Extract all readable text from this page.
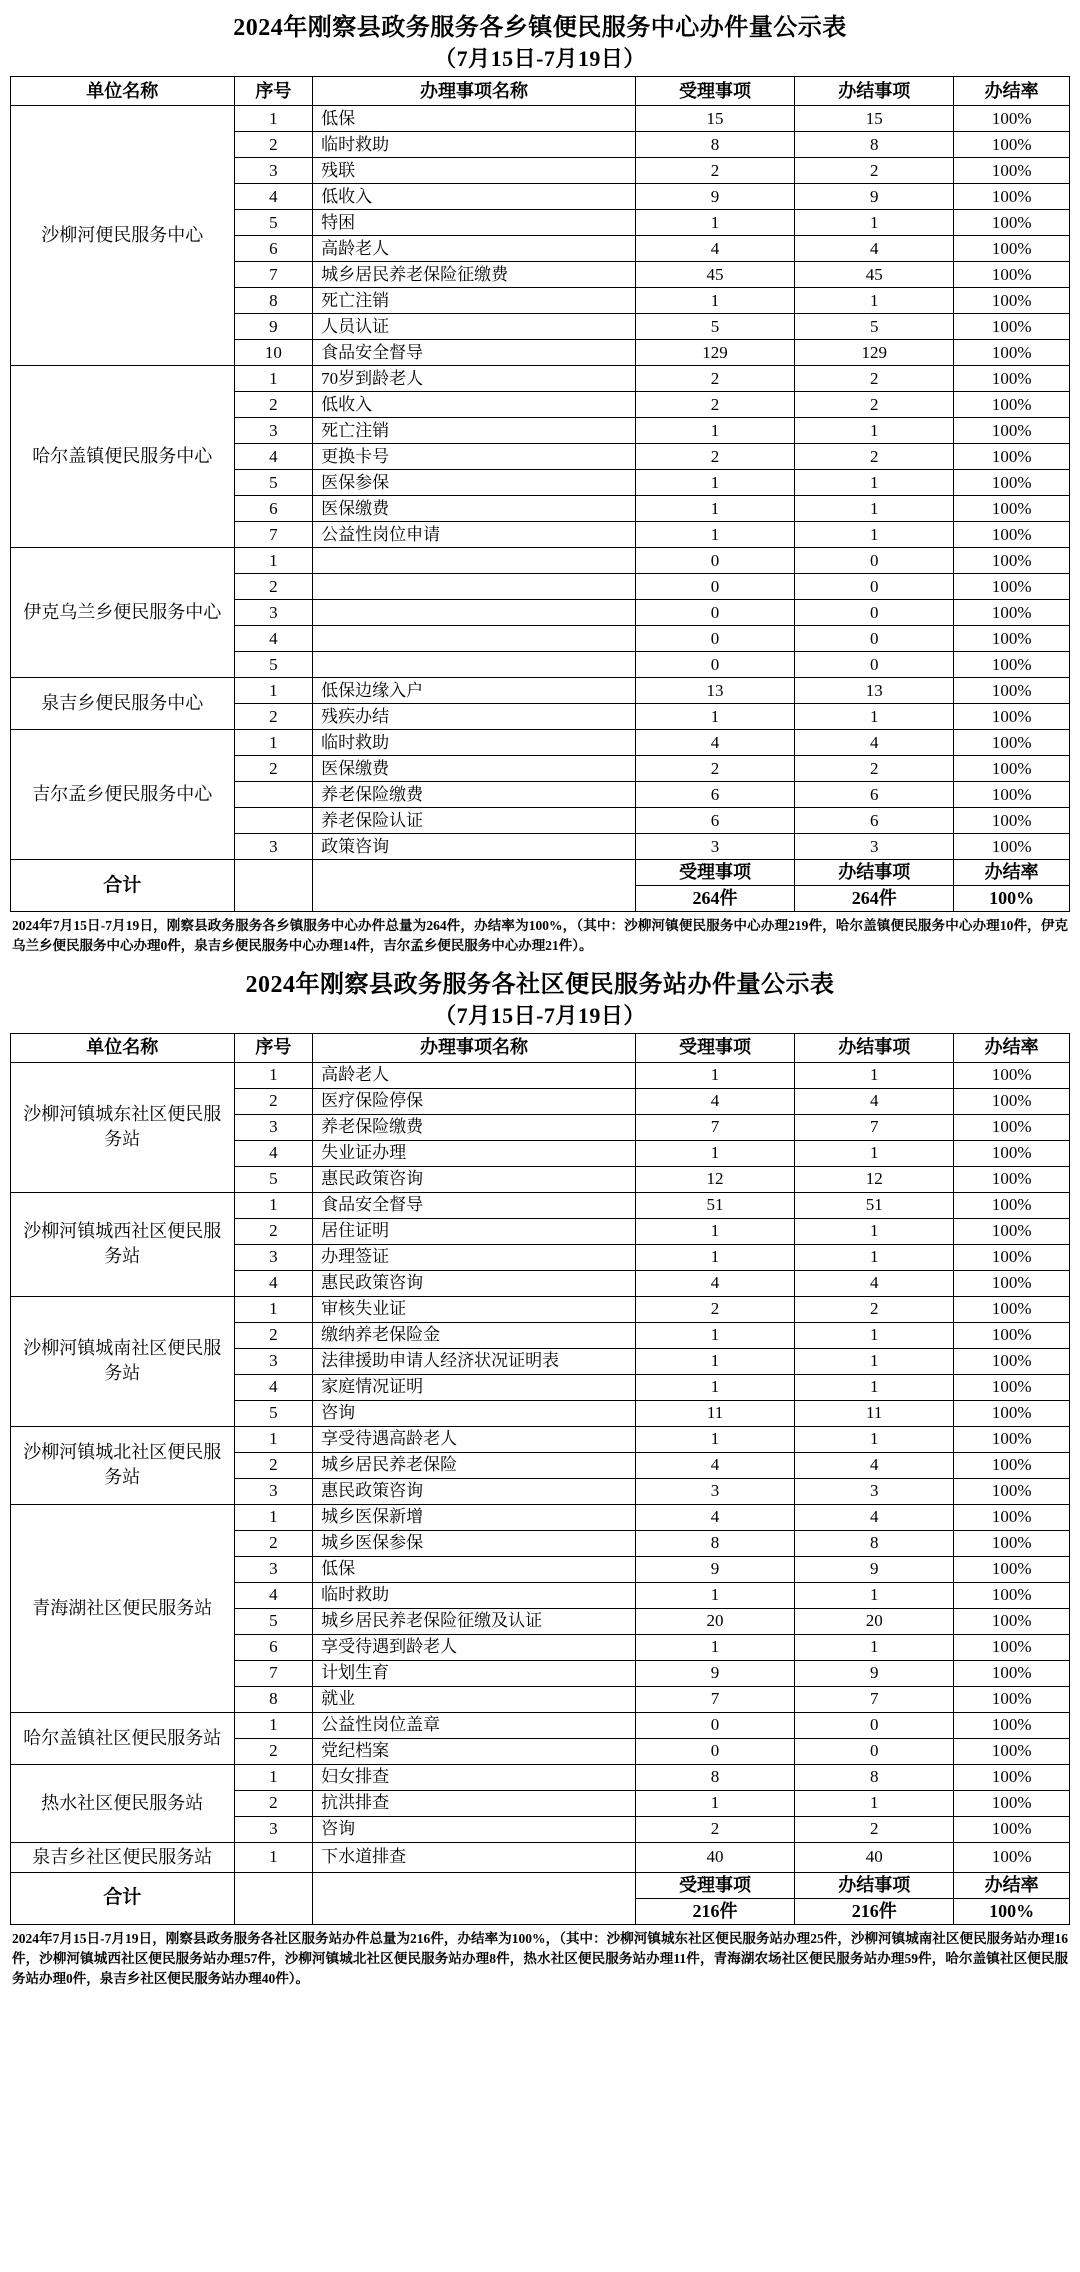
2024年刚察县政务服务各乡镇便民服务中心办件量公示表
（7月15日-7月19日）
单位名称	序号	办理事项名称	受理事项	办结事项	办结率
沙柳河便民服务中心	1	低保	15	15	100%
	2	临时救助	8	8	100%
	3	残联	2	2	100%
	4	低收入	9	9	100%
	5	特困	1	1	100%
	6	高龄老人	4	4	100%
	7	城乡居民养老保险征缴费	45	45	100%
	8	死亡注销	1	1	100%
	9	人员认证	5	5	100%
	10	食品安全督导	129	129	100%
哈尔盖镇便民服务中心	1	70岁到龄老人	2	2	100%
	2	低收入	2	2	100%
	3	死亡注销	1	1	100%
	4	更换卡号	2	2	100%
	5	医保参保	1	1	100%
	6	医保缴费	1	1	100%
	7	公益性岗位申请	1	1	100%
伊克乌兰乡便民服务中心	1		0	0	100%
	2		0	0	100%
	3		0	0	100%
	4		0	0	100%
	5		0	0	100%
泉吉乡便民服务中心	1	低保边缘入户	13	13	100%
	2	残疾办结	1	1	100%
吉尔孟乡便民服务中心	1	临时救助	4	4	100%
	2	医保缴费	2	2	100%
		养老保险缴费	6	6	100%
		养老保险认证	6	6	100%
	3	政策咨询	3	3	100%
合计			受理事项	办结事项	办结率
			264件	264件	100%
2024年7月15日-7月19日，刚察县政务服务各乡镇服务中心办件总量为264件，办结率为100%，（其中：沙柳河镇便民服务中心办理219件，哈尔盖镇便民服务中心办理10件，伊克乌兰乡便民服务中心办理0件，泉吉乡便民服务中心办理14件，吉尔孟乡便民服务中心办理21件）。
2024年刚察县政务服务各社区便民服务站办件量公示表
（7月15日-7月19日）
单位名称	序号	办理事项名称	受理事项	办结事项	办结率
沙柳河镇城东社区便民服务站	1	高龄老人	1	1	100%
	2	医疗保险停保	4	4	100%
	3	养老保险缴费	7	7	100%
	4	失业证办理	1	1	100%
	5	惠民政策咨询	12	12	100%
沙柳河镇城西社区便民服务站	1	食品安全督导	51	51	100%
	2	居住证明	1	1	100%
	3	办理签证	1	1	100%
	4	惠民政策咨询	4	4	100%
沙柳河镇城南社区便民服务站	1	审核失业证	2	2	100%
	2	缴纳养老保险金	1	1	100%
	3	法律援助申请人经济状况证明表	1	1	100%
	4	家庭情况证明	1	1	100%
	5	咨询	11	11	100%
沙柳河镇城北社区便民服务站	1	享受待遇高龄老人	1	1	100%
	2	城乡居民养老保险	4	4	100%
	3	惠民政策咨询	3	3	100%
青海湖社区便民服务站	1	城乡医保新增	4	4	100%
	2	城乡医保参保	8	8	100%
	3	低保	9	9	100%
	4	临时救助	1	1	100%
	5	城乡居民养老保险征缴及认证	20	20	100%
	6	享受待遇到龄老人	1	1	100%
	7	计划生育	9	9	100%
	8	就业	7	7	100%
哈尔盖镇社区便民服务站	1	公益性岗位盖章	0	0	100%
	2	党纪档案	0	0	100%
热水社区便民服务站	1	妇女排查	8	8	100%
	2	抗洪排查	1	1	100%
	3	咨询	2	2	100%
泉吉乡社区便民服务站	1	下水道排查	40	40	100%
合计			受理事项	办结事项	办结率
			216件	216件	100%
2024年7月15日-7月19日，刚察县政务服务各社区服务站办件总量为216件，办结率为100%，（其中：沙柳河镇城东社区便民服务站办理25件，沙柳河镇城南社区便民服务站办理16件，沙柳河镇城西社区便民服务站办理57件，沙柳河镇城北社区便民服务站办理8件，热水社区便民服务站办理11件，青海湖农场社区便民服务站办理59件，哈尔盖镇社区便民服务站办理0件，泉吉乡社区便民服务站办理40件）。
